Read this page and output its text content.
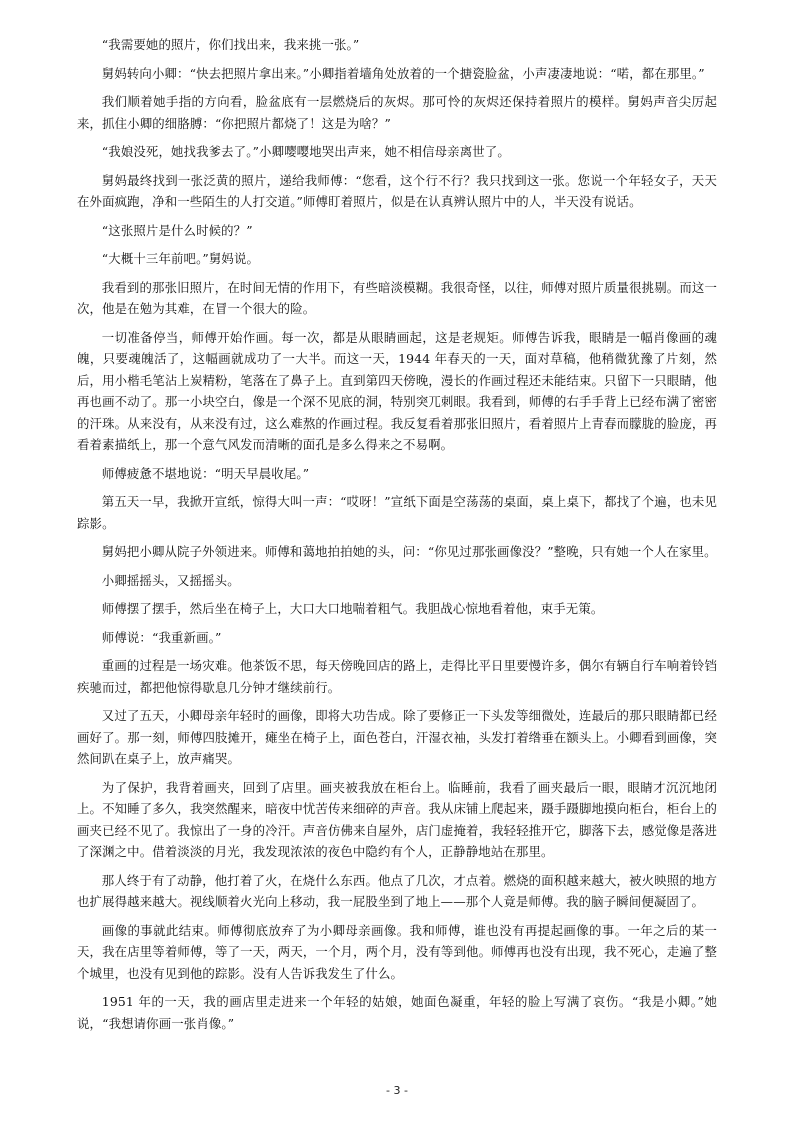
“我需要她的照片，你们找出来，我来挑一张。”

舅妈转向小卿：“快去把照片拿出来。”小卿指着墙角处放着的一个搪瓷脸盆，小声凄凄地说：“喏，都在那里。”

我们顺着她手指的方向看，脸盆底有一层燃烧后的灰烬。那可怜的灰烬还保持着照片的模样。舅妈声音尖厉起来，抓住小卿的细胳膊：“你把照片都烧了！这是为啥？”

“我娘没死，她找我爹去了。”小卿嘤嘤地哭出声来，她不相信母亲离世了。

舅妈最终找到一张泛黄的照片，递给我师傅：“您看，这个行不行？我只找到这一张。您说一个年轻女子，天天在外面疯跑，净和一些陌生的人打交道。”师傅盯着照片，似是在认真辨认照片中的人，半天没有说话。

“这张照片是什么时候的？”

“大概十三年前吧。”舅妈说。

我看到的那张旧照片，在时间无情的作用下，有些暗淡模糊。我很奇怪，以往，师傅对照片质量很挑剔。而这一次，他是在勉为其难，在冒一个很大的险。

一切准备停当，师傅开始作画。每一次，都是从眼睛画起，这是老规矩。师傅告诉我，眼睛是一幅肖像画的魂魄，只要魂魄活了，这幅画就成功了一大半。而这一天，1944 年春天的一天，面对草稿，他稍微犹豫了片刻，然后，用小楷毛笔沾上炭精粉，笔落在了鼻子上。直到第四天傍晚，漫长的作画过程还未能结束。只留下一只眼睛，他再也画不动了。那一小块空白，像是一个深不见底的洞，特别突兀刺眼。我看到，师傅的右手手背上已经布满了密密的汗珠。从来没有，从来没有过，这么难熬的作画过程。我反复看着那张旧照片，看着照片上青春而朦胧的脸庞，再看着素描纸上，那一个意气风发而清晰的面孔是多么得来之不易啊。

师傅疲惫不堪地说：“明天早晨收尾。”

第五天一早，我掀开宣纸，惊得大叫一声：“哎呀！”宣纸下面是空荡荡的桌面，桌上桌下，都找了个遍，也未见踪影。

舅妈把小卿从院子外领进来。师傅和蔼地拍拍她的头，问：“你见过那张画像没？”整晚，只有她一个人在家里。

小卿摇摇头，又摇摇头。

师傅摆了摆手，然后坐在椅子上，大口大口地喘着粗气。我胆战心惊地看着他，束手无策。

师傅说：“我重新画。”

重画的过程是一场灾难。他茶饭不思，每天傍晚回店的路上，走得比平日里要慢许多，偶尔有辆自行车响着铃铛疾驰而过，都把他惊得歇息几分钟才继续前行。

又过了五天，小卿母亲年轻时的画像，即将大功告成。除了要修正一下头发等细微处，连最后的那只眼睛都已经画好了。那一刻，师傅四肢摊开，瘫坐在椅子上，面色苍白，汗湿衣袖，头发打着绺垂在额头上。小卿看到画像，突然间趴在桌子上，放声痛哭。

为了保护，我背着画夹，回到了店里。画夹被我放在柜台上。临睡前，我看了画夹最后一眼，眼睛才沉沉地闭上。不知睡了多久，我突然醒来，暗夜中忧苦传来细碎的声音。我从床铺上爬起来，蹑手蹑脚地摸向柜台，柜台上的画夹已经不见了。我惊出了一身的冷汗。声音仿佛来自屋外，店门虚掩着，我轻轻推开它，脚落下去，感觉像是落进了深渊之中。借着淡淡的月光，我发现浓浓的夜色中隐约有个人，正静静地站在那里。

那人终于有了动静，他打着了火，在烧什么东西。他点了几次，才点着。燃烧的面积越来越大，被火映照的地方也扩展得越来越大。视线顺着火光向上移动，我一屁股坐到了地上——那个人竟是师傅。我的脑子瞬间便凝固了。

画像的事就此结束。师傅彻底放弃了为小卿母亲画像。我和师傅，谁也没有再提起画像的事。一年之后的某一天，我在店里等着师傅，等了一天，两天，一个月，两个月，没有等到他。师傅再也没有出现，我不死心，走遍了整个城里，也没有见到他的踪影。没有人告诉我发生了什么。

1951 年的一天，我的画店里走进来一个年轻的姑娘，她面色凝重，年轻的脸上写满了哀伤。“我是小卿。”她说，“我想请你画一张肖像。”

- 3 -
